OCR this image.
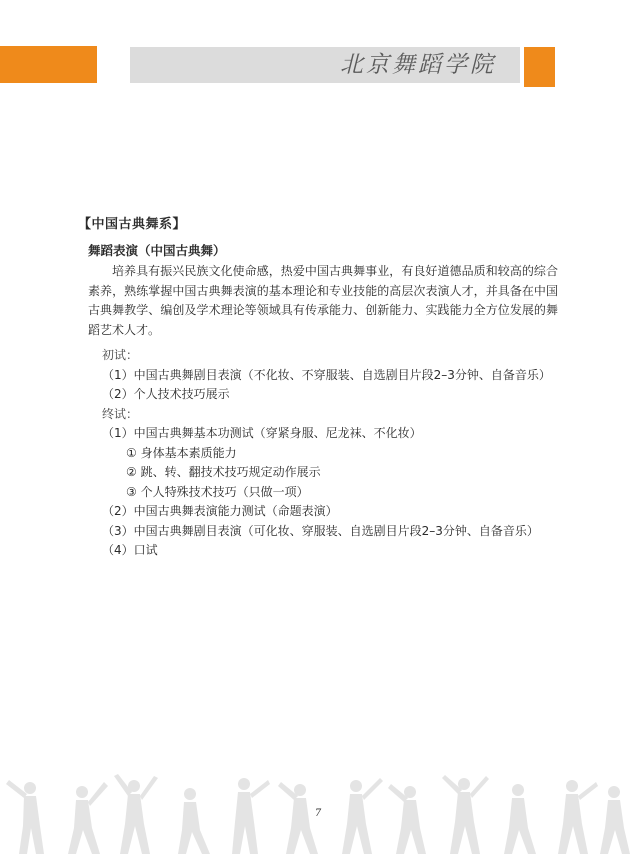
北京舞蹈学院
【中国古典舞系】
舞蹈表演（中国古典舞）

培养具有振兴民族文化使命感，热爱中国古典舞事业，有良好道德品质和较高的综合素养，熟练掌握中国古典舞表演的基本理论和专业技能的高层次表演人才，并具备在中国古典舞教学、编创及学术理论等领域具有传承能力、创新能力、实践能力全方位发展的舞蹈艺术人才。

初试：
（1）中国古典舞剧目表演（不化妆、不穿服装、自选剧目片段2–3分钟、自备音乐）
（2）个人技术技巧展示
终试：
（1）中国古典舞基本功测试（穿紧身服、尼龙袜、不化妆）
① 身体基本素质能力
② 跳、转、翻技术技巧规定动作展示
③ 个人特殊技术技巧（只做一项）
（2）中国古典舞表演能力测试（命题表演）
（3）中国古典舞剧目表演（可化妆、穿服装、自选剧目片段2–3分钟、自备音乐）
（4）口试
7
